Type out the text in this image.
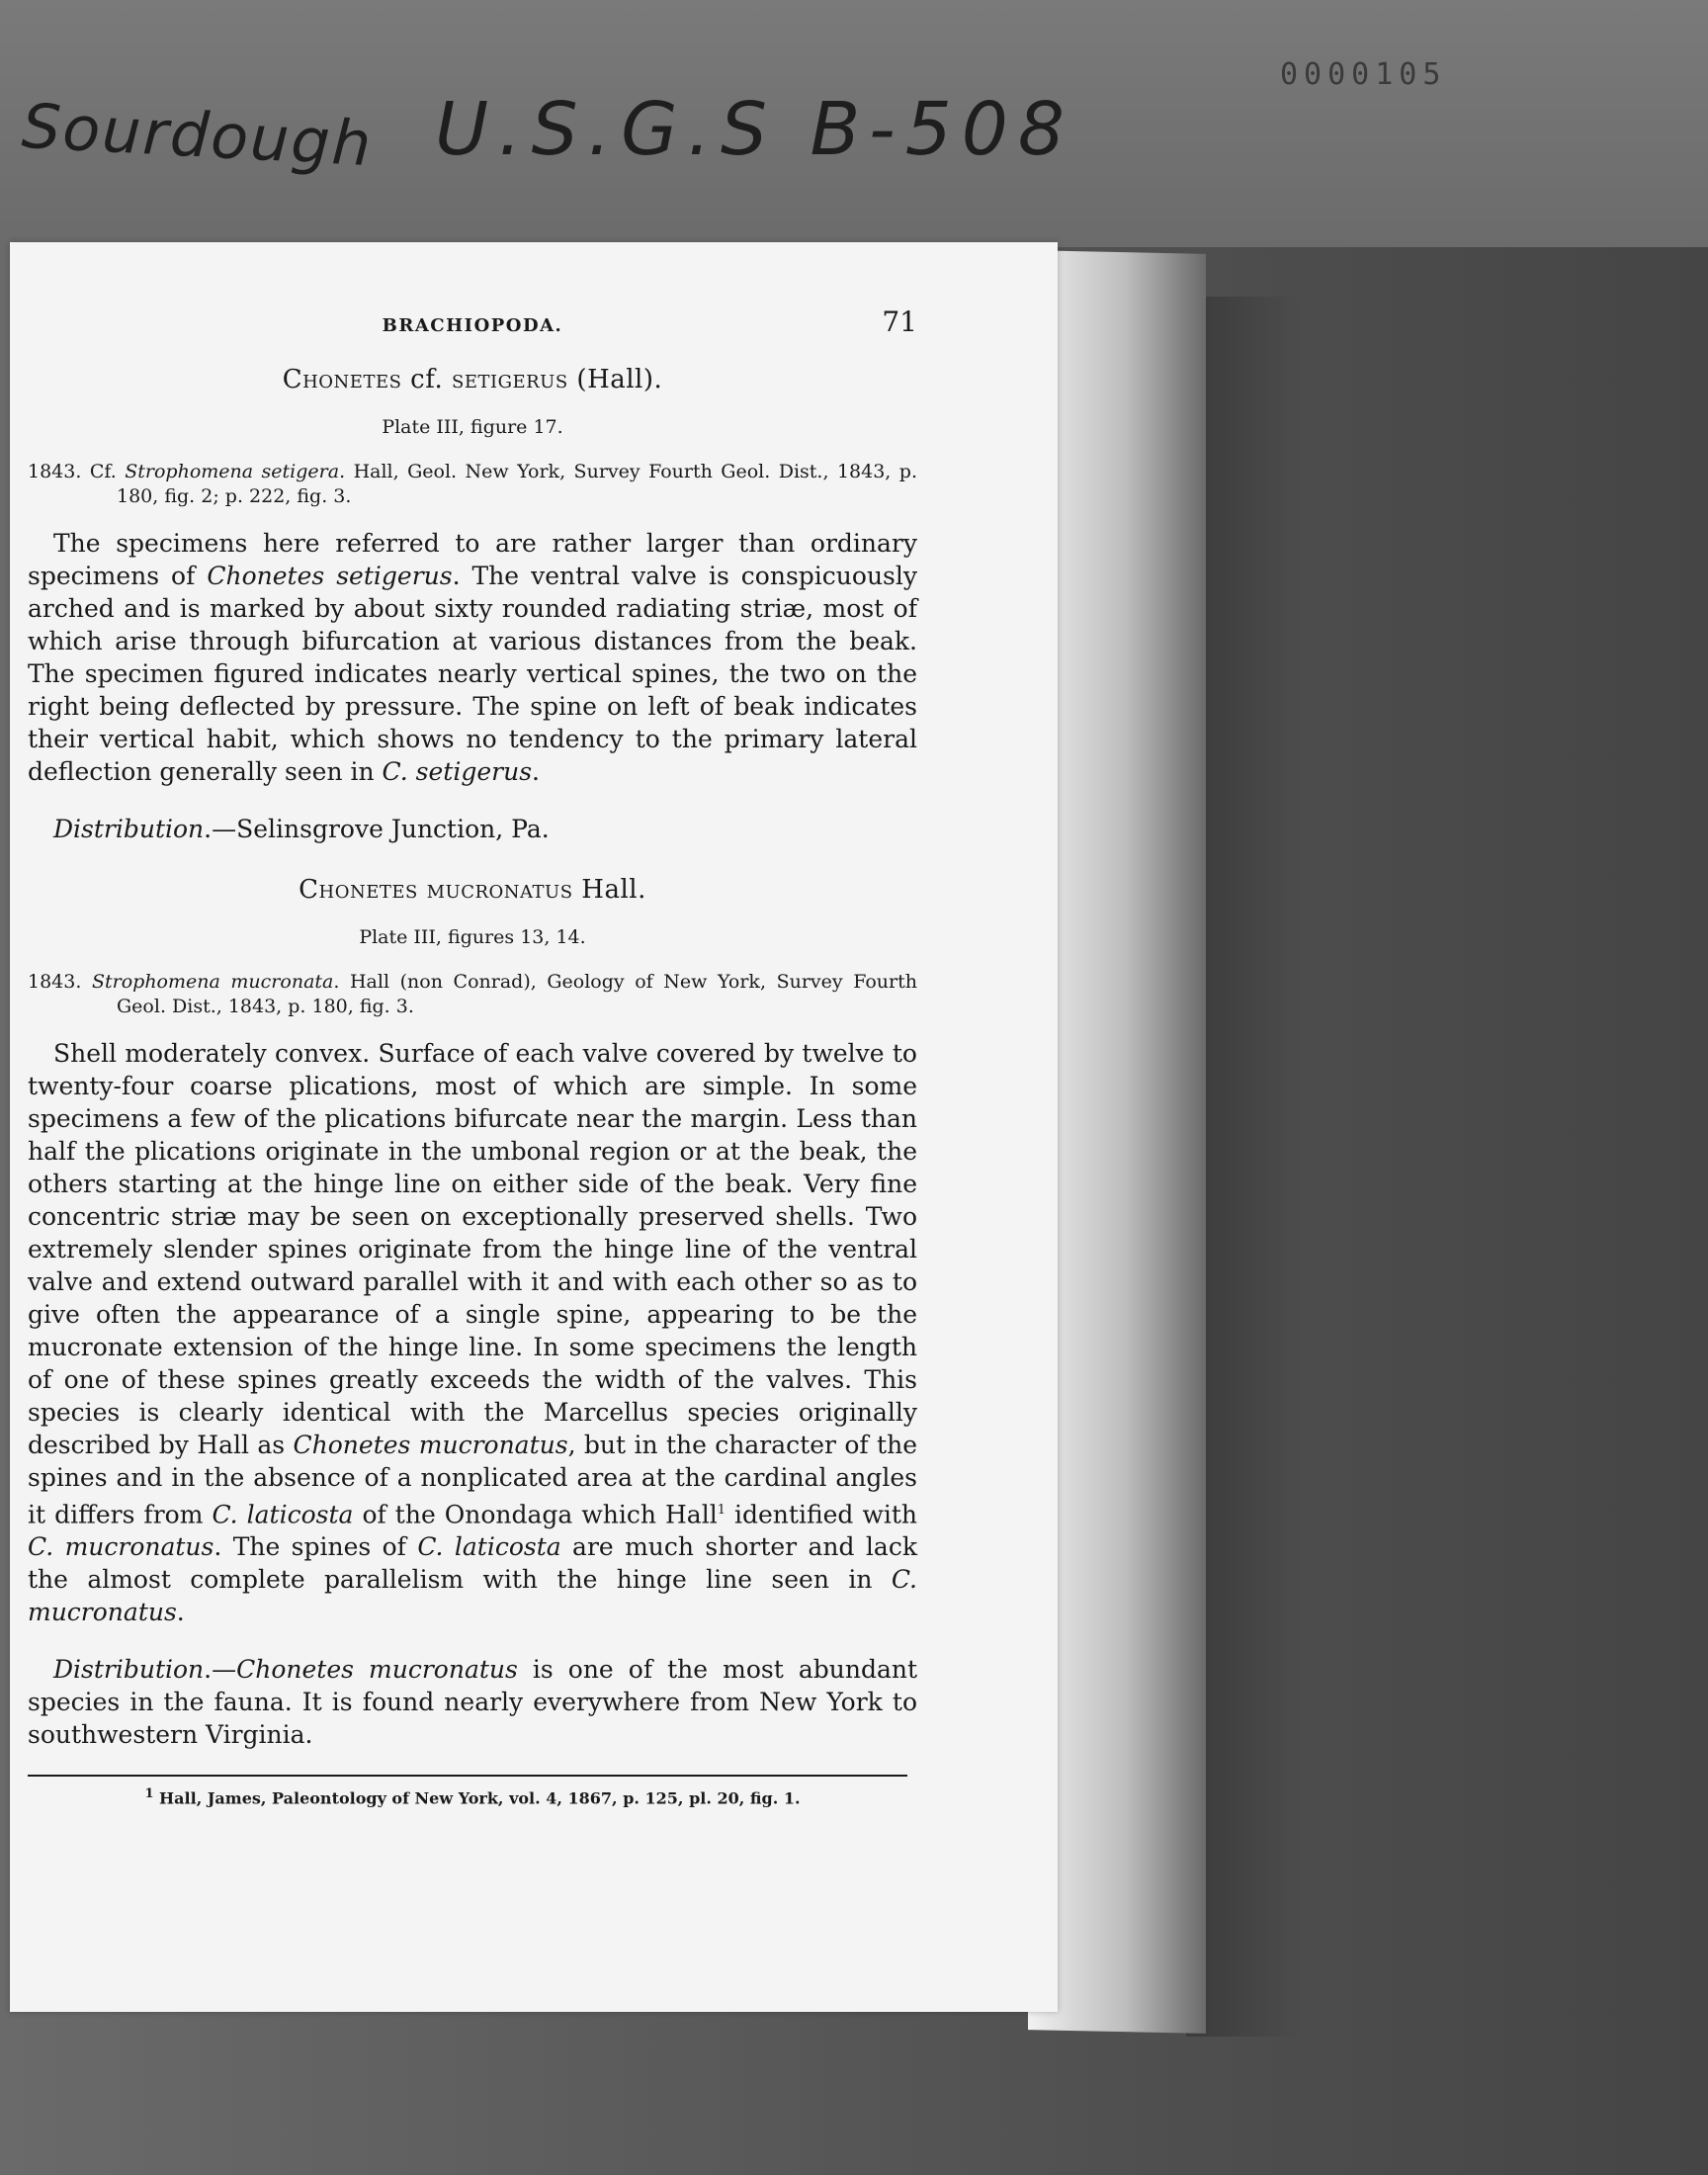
Sourdough U.S.G.S B-508
0000105
BRACHIOPODA.	71
Chonetes cf. setigerus (Hall).
Plate III, figure 17.
1843. Cf. Strophomena setigera. Hall, Geol. New York, Survey Fourth Geol. Dist., 1843, p. 180, fig. 2; p. 222, fig. 3.

The specimens here referred to are rather larger than ordinary specimens of Chonetes setigerus. The ventral valve is conspicuously arched and is marked by about sixty rounded radiating striæ, most of which arise through bifurcation at various distances from the beak. The specimen figured indicates nearly vertical spines, the two on the right being deflected by pressure. The spine on left of beak indicates their vertical habit, which shows no tendency to the primary lateral deflection generally seen in C. setigerus.

Distribution.—Selinsgrove Junction, Pa.
Chonetes mucronatus Hall.
Plate III, figures 13, 14.
1843. Strophomena mucronata. Hall (non Conrad), Geology of New York, Survey Fourth Geol. Dist., 1843, p. 180, fig. 3.

Shell moderately convex. Surface of each valve covered by twelve to twenty-four coarse plications, most of which are simple. In some specimens a few of the plications bifurcate near the margin. Less than half the plications originate in the umbonal region or at the beak, the others starting at the hinge line on either side of the beak. Very fine concentric striæ may be seen on exceptionally preserved shells. Two extremely slender spines originate from the hinge line of the ventral valve and extend outward parallel with it and with each other so as to give often the appearance of a single spine, appearing to be the mucronate extension of the hinge line. In some specimens the length of one of these spines greatly exceeds the width of the valves. This species is clearly identical with the Marcellus species originally described by Hall as Chonetes mucronatus, but in the character of the spines and in the absence of a nonplicated area at the cardinal angles it differs from C. laticosta of the Onondaga which Hall$^1$ identified with C. mucronatus. The spines of C. laticosta are much shorter and lack the almost complete parallelism with the hinge line seen in C. mucronatus.

Distribution.—Chonetes mucronatus is one of the most abundant species in the fauna. It is found nearly everywhere from New York to southwestern Virginia.
$^1$ Hall, James, Paleontology of New York, vol. 4, 1867, p. 125, pl. 20, fig. 1.
